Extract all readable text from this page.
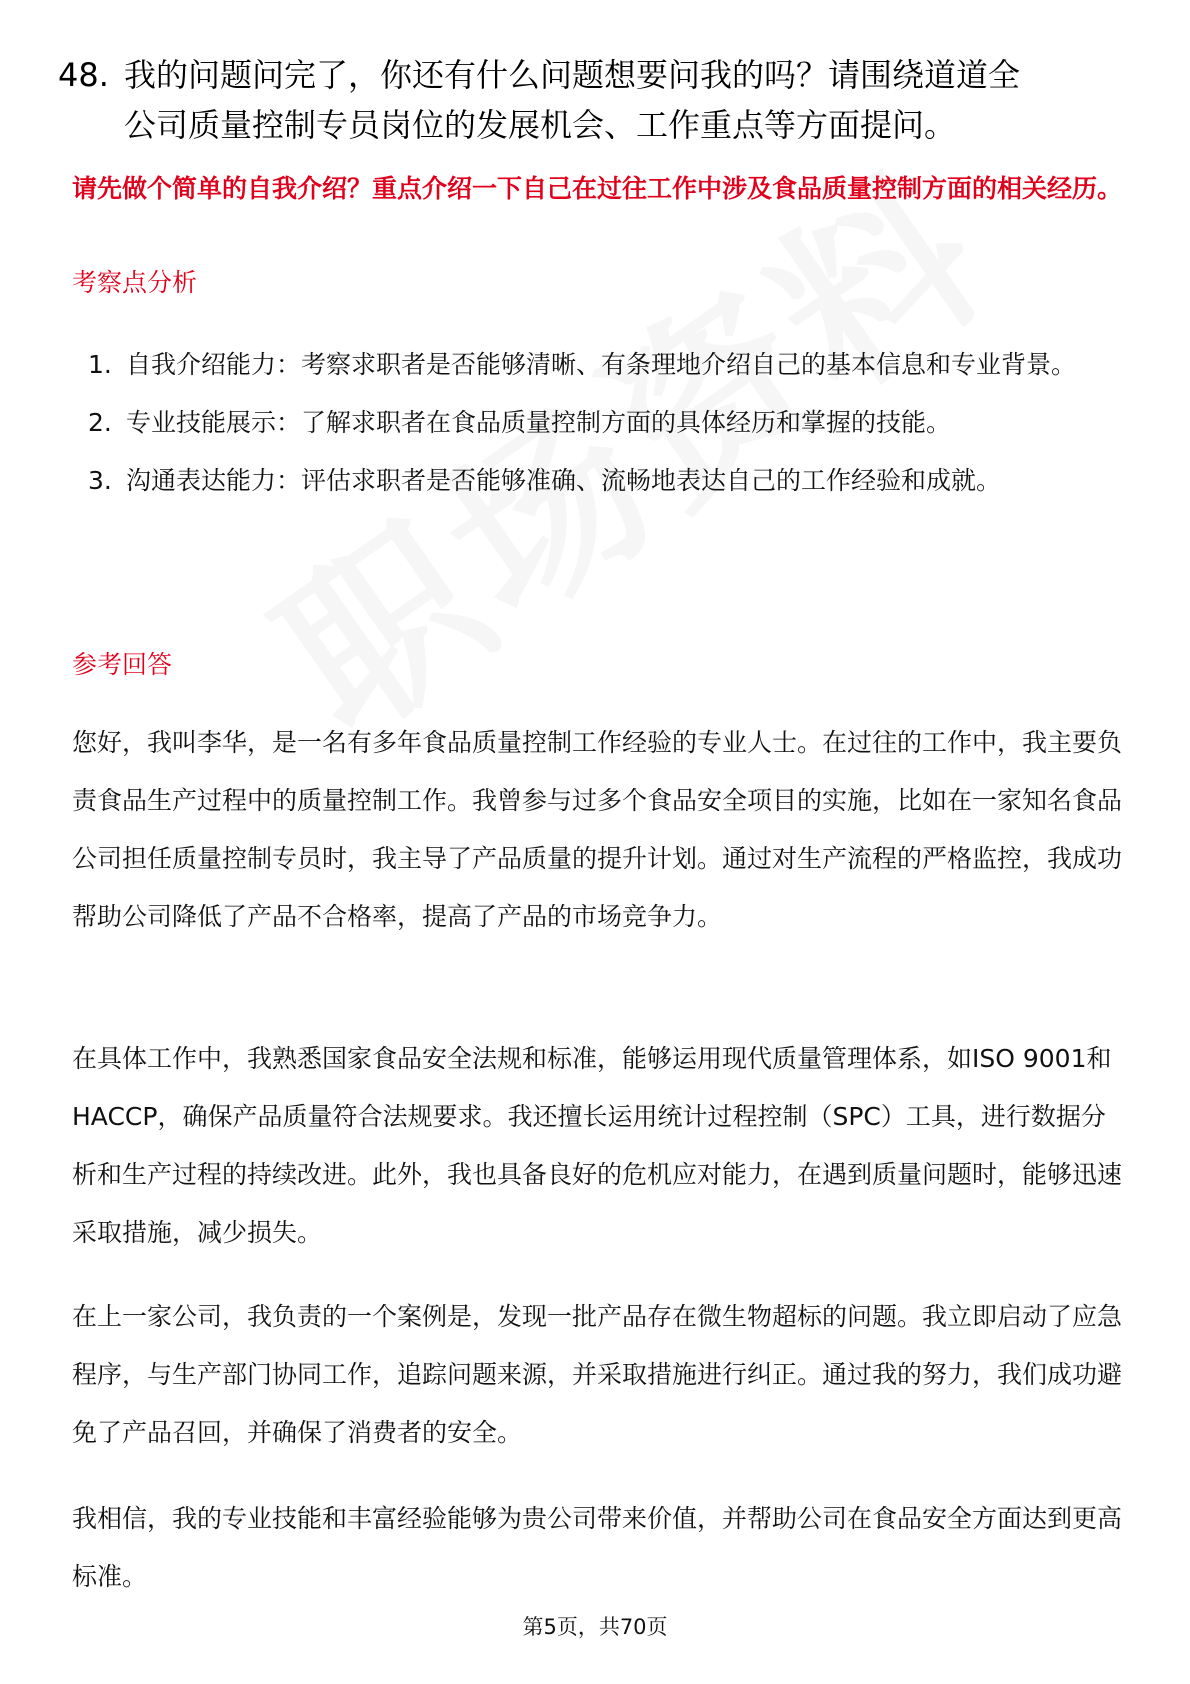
48. 我的问题问完了，你还有什么问题想要问我的吗？请围绕道道全
公司质量控制专员岗位的发展机会、工作重点等方面提问。
请先做个简单的自我介绍？重点介绍一下自己在过往工作中涉及食品质量控制方面的相关经历。
考察点分析
1. 自我介绍能力：考察求职者是否能够清晰、有条理地介绍自己的基本信息和专业背景。
2. 专业技能展示：了解求职者在食品质量控制方面的具体经历和掌握的技能。
3. 沟通表达能力：评估求职者是否能够准确、流畅地表达自己的工作经验和成就。
参考回答

您好，我叫李华，是一名有多年食品质量控制工作经验的专业人士。在过往的工作中，我主要负责食品生产过程中的质量控制工作。我曾参与过多个食品安全项目的实施，比如在一家知名食品公司担任质量控制专员时，我主导了产品质量的提升计划。通过对生产流程的严格监控，我成功帮助公司降低了产品不合格率，提高了产品的市场竞争力。

在具体工作中，我熟悉国家食品安全法规和标准，能够运用现代质量管理体系，如ISO 9001和HACCP，确保产品质量符合法规要求。我还擅长运用统计过程控制（SPC）工具，进行数据分析和生产过程的持续改进。此外，我也具备良好的危机应对能力，在遇到质量问题时，能够迅速采取措施，减少损失。

在上一家公司，我负责的一个案例是，发现一批产品存在微生物超标的问题。我立即启动了应急程序，与生产部门协同工作，追踪问题来源，并采取措施进行纠正。通过我的努力，我们成功避免了产品召回，并确保了消费者的安全。

我相信，我的专业技能和丰富经验能够为贵公司带来价值，并帮助公司在食品安全方面达到更高标准。

第5页，共70页
